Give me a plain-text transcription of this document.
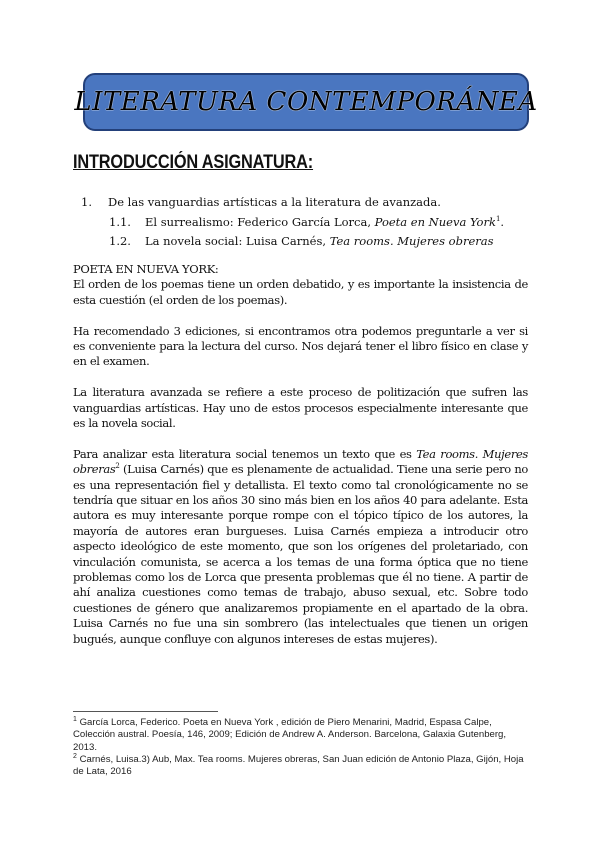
LITERATURA CONTEMPORÁNEA
INTRODUCCIÓN ASIGNATURA:
1. De las vanguardias artísticas a la literatura de avanzada.
1.1. El surrealismo: Federico García Lorca, Poeta en Nueva York$^1$.
1.2. La novela social: Luisa Carnés, Tea rooms. Mujeres obreras

POETA EN NUEVA YORK:

El orden de los poemas tiene un orden debatido, y es importante la insistencia de esta cuestión (el orden de los poemas).

Ha recomendado 3 ediciones, si encontramos otra podemos preguntarle a ver si es conveniente para la lectura del curso. Nos dejará tener el libro físico en clase y en el examen.

La literatura avanzada se refiere a este proceso de politización que sufren las vanguardias artísticas. Hay uno de estos procesos especialmente interesante que es la novela social.

Para analizar esta literatura social tenemos un texto que es Tea rooms. Mujeres obreras$^2$ (Luisa Carnés) que es plenamente de actualidad. Tiene una serie pero no es una representación fiel y detallista. El texto como tal cronológicamente no se tendría que situar en los años 30 sino más bien en los años 40 para adelante. Esta autora es muy interesante porque rompe con el tópico típico de los autores, la mayoría de autores eran burgueses. Luisa Carnés empieza a introducir otro aspecto ideológico de este momento, que son los orígenes del proletariado, con vinculación comunista, se acerca a los temas de una forma óptica que no tiene problemas como los de Lorca que presenta problemas que él no tiene. A partir de ahí analiza cuestiones como temas de trabajo, abuso sexual, etc. Sobre todo cuestiones de género que analizaremos propiamente en el apartado de la obra. Luisa Carnés no fue una sin sombrero (las intelectuales que tienen un origen bugués, aunque confluye con algunos intereses de estas mujeres).

$^1$ García Lorca, Federico. Poeta en Nueva York , edición de Piero Menarini, Madrid, Espasa Calpe, Colección austral. Poesía, 146, 2009; Edición de Andrew A. Anderson. Barcelona, Galaxia Gutenberg, 2013.

$^2$ Carnés, Luisa.3) Aub, Max. Tea rooms. Mujeres obreras, San Juan edición de Antonio Plaza, Gijón, Hoja de Lata, 2016
